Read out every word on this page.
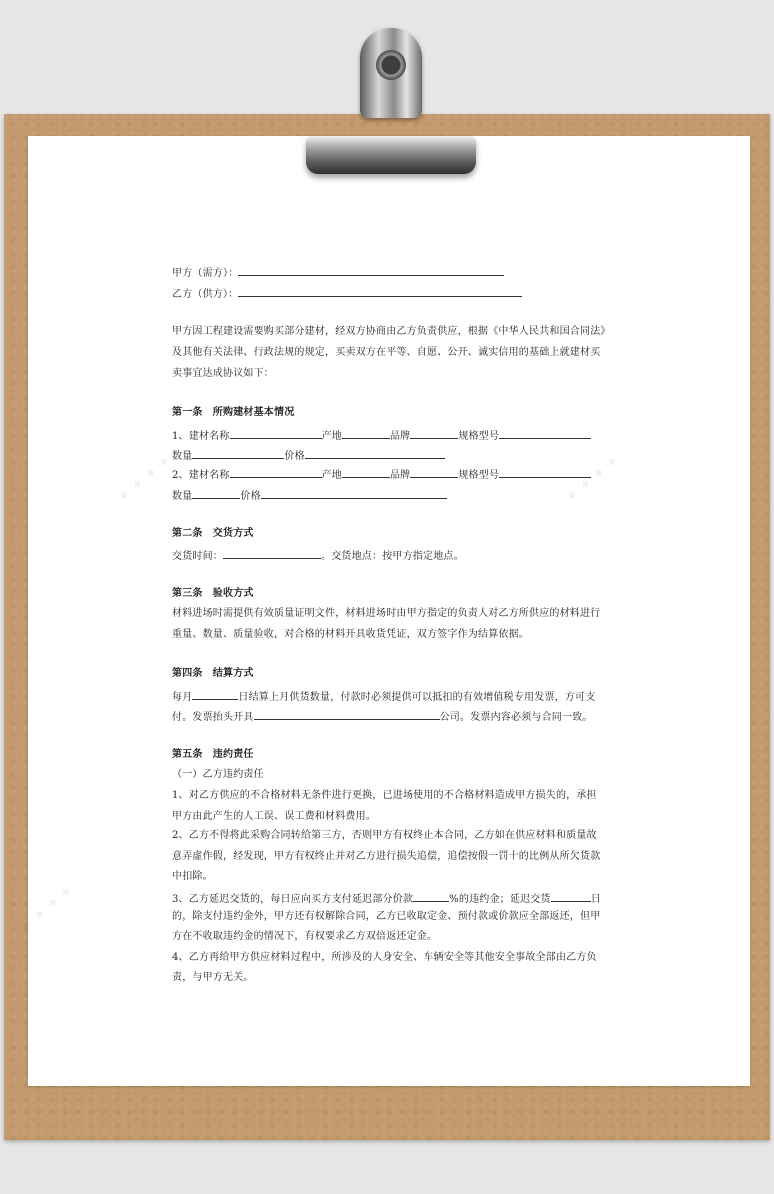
✦ ✦ ✦ ✦	✦ ✦ ✦ ✦
✦ ✦ ✦ ✦
甲方（需方）：
乙方（供方）：
甲方因工程建设需要购买部分建材，经双方协商由乙方负责供应，根据《中华人民共和国合同法》
及其他有关法律、行政法规的规定，买卖双方在平等、自愿、公开、诚实信用的基础上就建材买
卖事宜达成协议如下：
第一条　所购建材基本情况
1、建材名称	产地	品牌	规格型号
数量	价格
2、建材名称	产地	品牌	规格型号
数量	价格
第二条　交货方式
交货时间：	。交货地点：按甲方指定地点。
第三条　验收方式
材料进场时需提供有效质量证明文件，材料进场时由甲方指定的负责人对乙方所供应的材料进行
重量、数量、质量验收，对合格的材料开具收货凭证，双方签字作为结算依据。
第四条　结算方式
每月	日结算上月供货数量，付款时必须提供可以抵扣的有效增值税专用发票，方可支
付。发票抬头开具	公司。发票内容必须与合同一致。
第五条　违约责任
（一）乙方违约责任
1、对乙方供应的不合格材料无条件进行更换，已进场使用的不合格材料造成甲方损失的，承担
甲方由此产生的人工误、误工费和材料费用。
2、乙方不得将此采购合同转给第三方，否则甲方有权终止本合同，乙方如在供应材料和质量故
意弄虚作假，经发现，甲方有权终止并对乙方进行损失追偿，追偿按假一罚十的比例从所欠货款
中扣除。
3、乙方延迟交货的，每日应向买方支付延迟部分价款	%的违约金；延迟交货	日
的，除支付违约金外，甲方还有权解除合同，乙方已收取定金、预付款或价款应全部返还，但甲
方在不收取违约金的情况下，有权要求乙方双倍返还定金。
4、乙方再给甲方供应材料过程中，所涉及的人身安全、车辆安全等其他安全事故全部由乙方负
责，与甲方无关。
